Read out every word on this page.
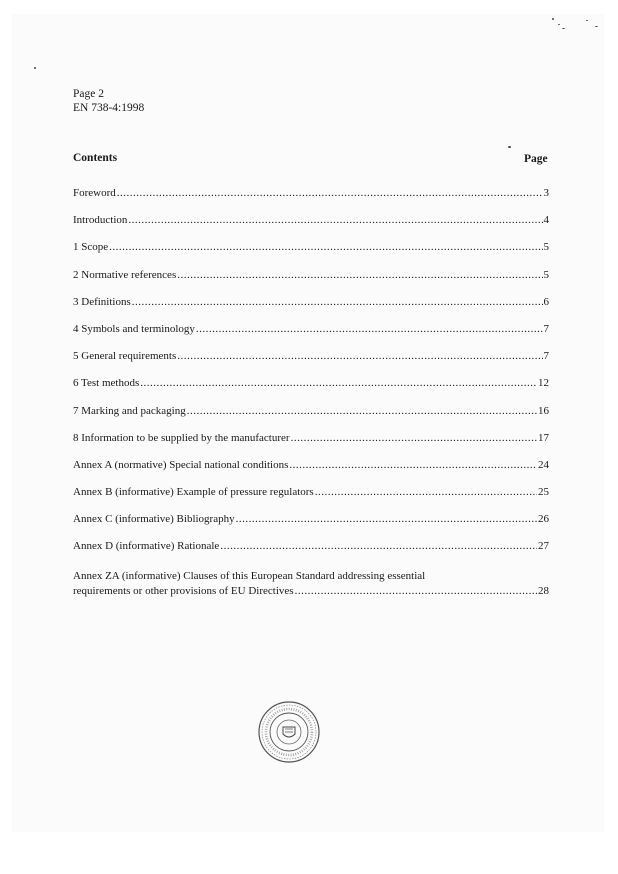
Page 2
EN 738-4:1998
Contents	Page
Foreword .....	3
Introduction .....	4
1 Scope .....	5
2 Normative references .....	5
3 Definitions .....	6
4 Symbols and terminology .....	7
5 General requirements .....	7
6 Test methods .....	12
7 Marking and packaging .....	16
8 Information to be supplied by the manufacturer .....	17
Annex A (normative) Special national conditions .....	24
Annex B (informative) Example of pressure regulators .....	25
Annex C (informative) Bibliography .....	26
Annex D (informative) Rationale .....	27
Annex ZA (informative) Clauses of this European Standard addressing essential
requirements or other provisions of EU Directives .....	28
